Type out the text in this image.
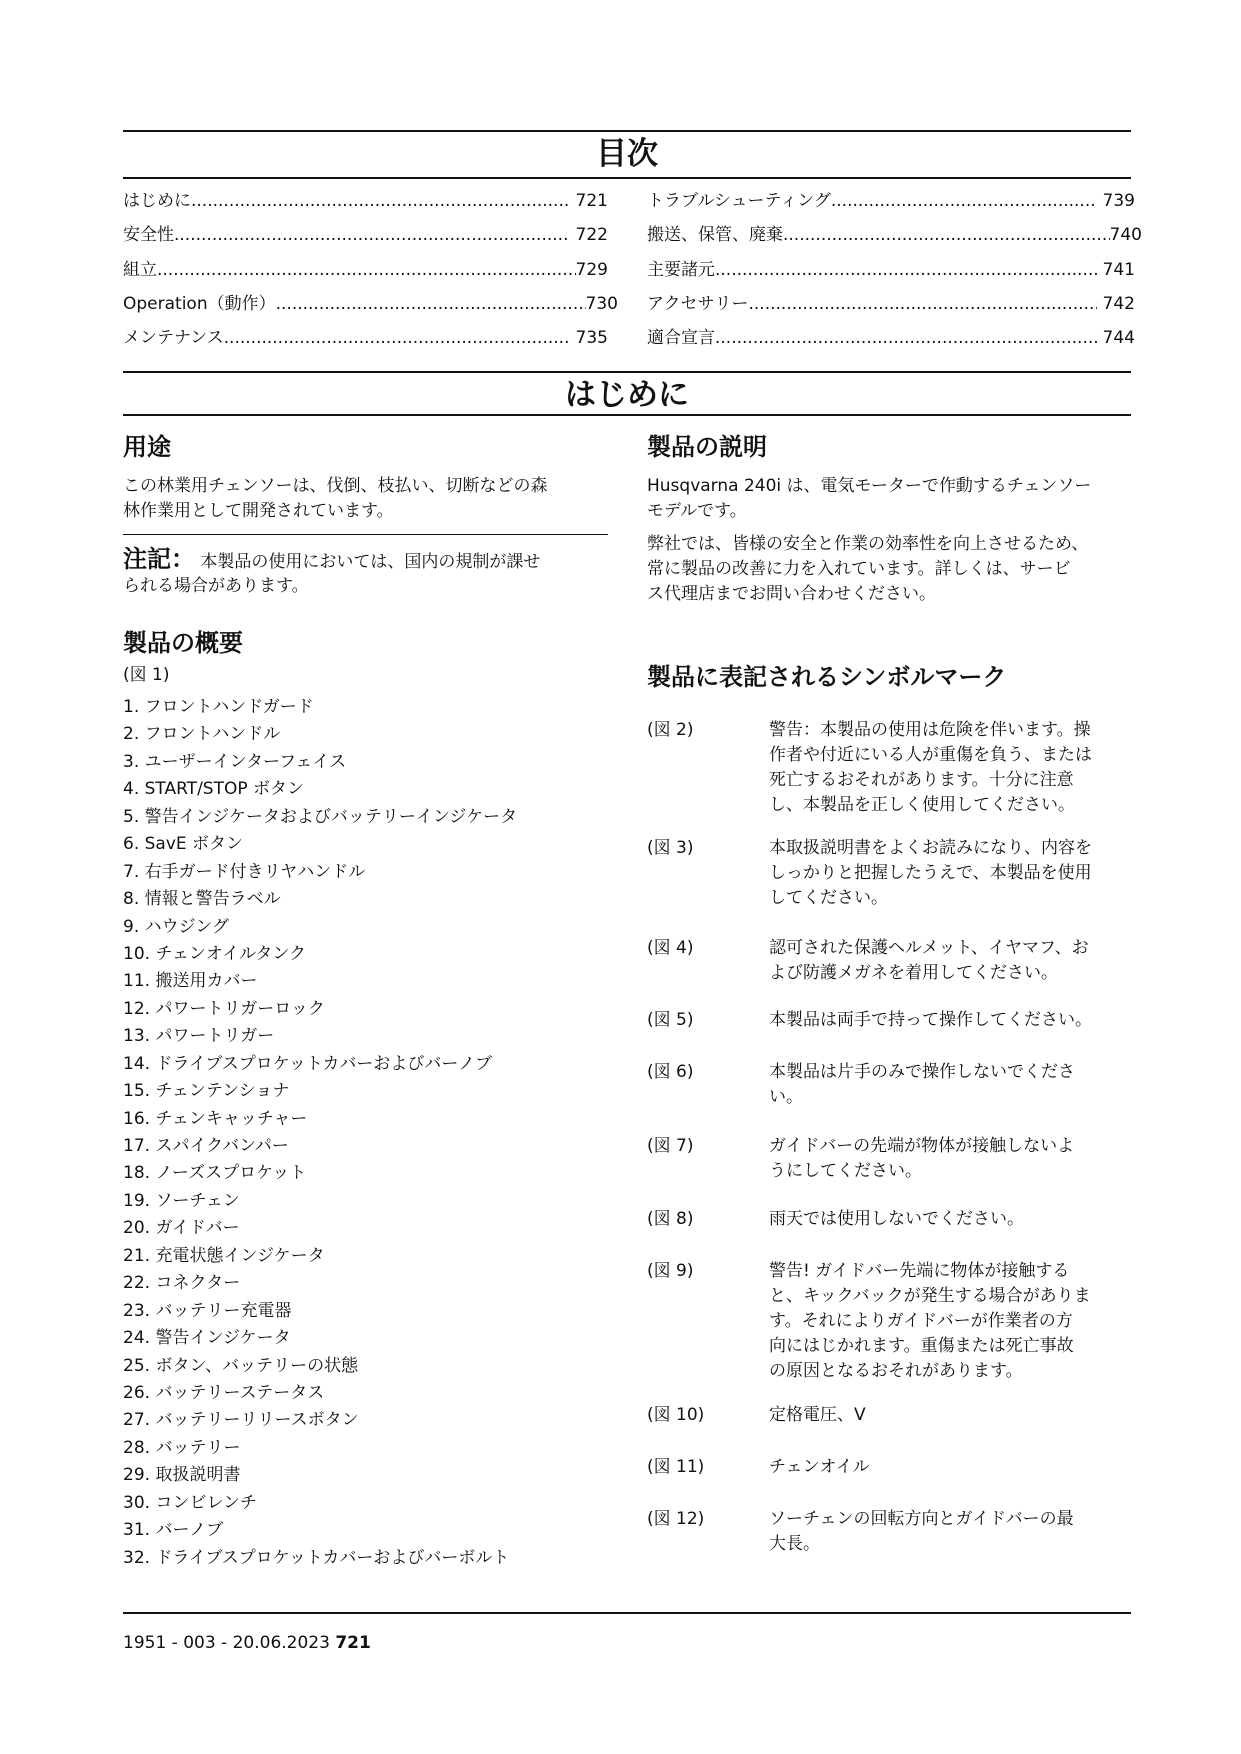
目次
はじめに .....	721
安全性 .....	722
組立 .....	729
Operation（動作） .....	730
メンテナンス .....	735
トラブルシューティング .....	739
搬送、保管、廃棄 .....	740
主要諸元 .....	741
アクセサリー .....	742
適合宣言 .....	744
はじめに
用途
この林業用チェンソーは、伐倒、枝払い、切断などの森
林作業用として開発されています。
注記： 本製品の使用においては、国内の規制が課せ
られる場合があります。
製品の概要
(図 1)
1. フロントハンドガード
2. フロントハンドル
3. ユーザーインターフェイス
4. START/STOP ボタン
5. 警告インジケータおよびバッテリーインジケータ
6. SavE ボタン
7. 右手ガード付きリヤハンドル
8. 情報と警告ラベル
9. ハウジング
10. チェンオイルタンク
11. 搬送用カバー
12. パワートリガーロック
13. パワートリガー
14. ドライブスプロケットカバーおよびバーノブ
15. チェンテンショナ
16. チェンキャッチャー
17. スパイクバンパー
18. ノーズスプロケット
19. ソーチェン
20. ガイドバー
21. 充電状態インジケータ
22. コネクター
23. バッテリー充電器
24. 警告インジケータ
25. ボタン、バッテリーの状態
26. バッテリーステータス
27. バッテリーリリースボタン
28. バッテリー
29. 取扱説明書
30. コンビレンチ
31. バーノブ
32. ドライブスプロケットカバーおよびバーボルト
製品の説明
Husqvarna 240i は、電気モーターで作動するチェンソー
モデルです。
弊社では、皆様の安全と作業の効率性を向上させるため、
常に製品の改善に力を入れています。詳しくは、サービ
ス代理店までお問い合わせください。
製品に表記されるシンボルマーク
(図 2)	警告：本製品の使用は危険を伴います。操
作者や付近にいる人が重傷を負う、または
死亡するおそれがあります。十分に注意
し、本製品を正しく使用してください。
(図 3)	本取扱説明書をよくお読みになり、内容を
しっかりと把握したうえで、本製品を使用
してください。
(図 4)	認可された保護ヘルメット、イヤマフ、お
よび防護メガネを着用してください。
(図 5)	本製品は両手で持って操作してください。
(図 6)	本製品は片手のみで操作しないでくださ
い。
(図 7)	ガイドバーの先端が物体が接触しないよ
うにしてください。
(図 8)	雨天では使用しないでください。
(図 9)	警告! ガイドバー先端に物体が接触する
と、キックバックが発生する場合がありま
す。それによりガイドバーが作業者の方
向にはじかれます。重傷または死亡事故
の原因となるおそれがあります。
(図 10)	定格電圧、V
(図 11)	チェンオイル
(図 12)	ソーチェンの回転方向とガイドバーの最
大長。
1951 - 003 - 20.06.2023 721
